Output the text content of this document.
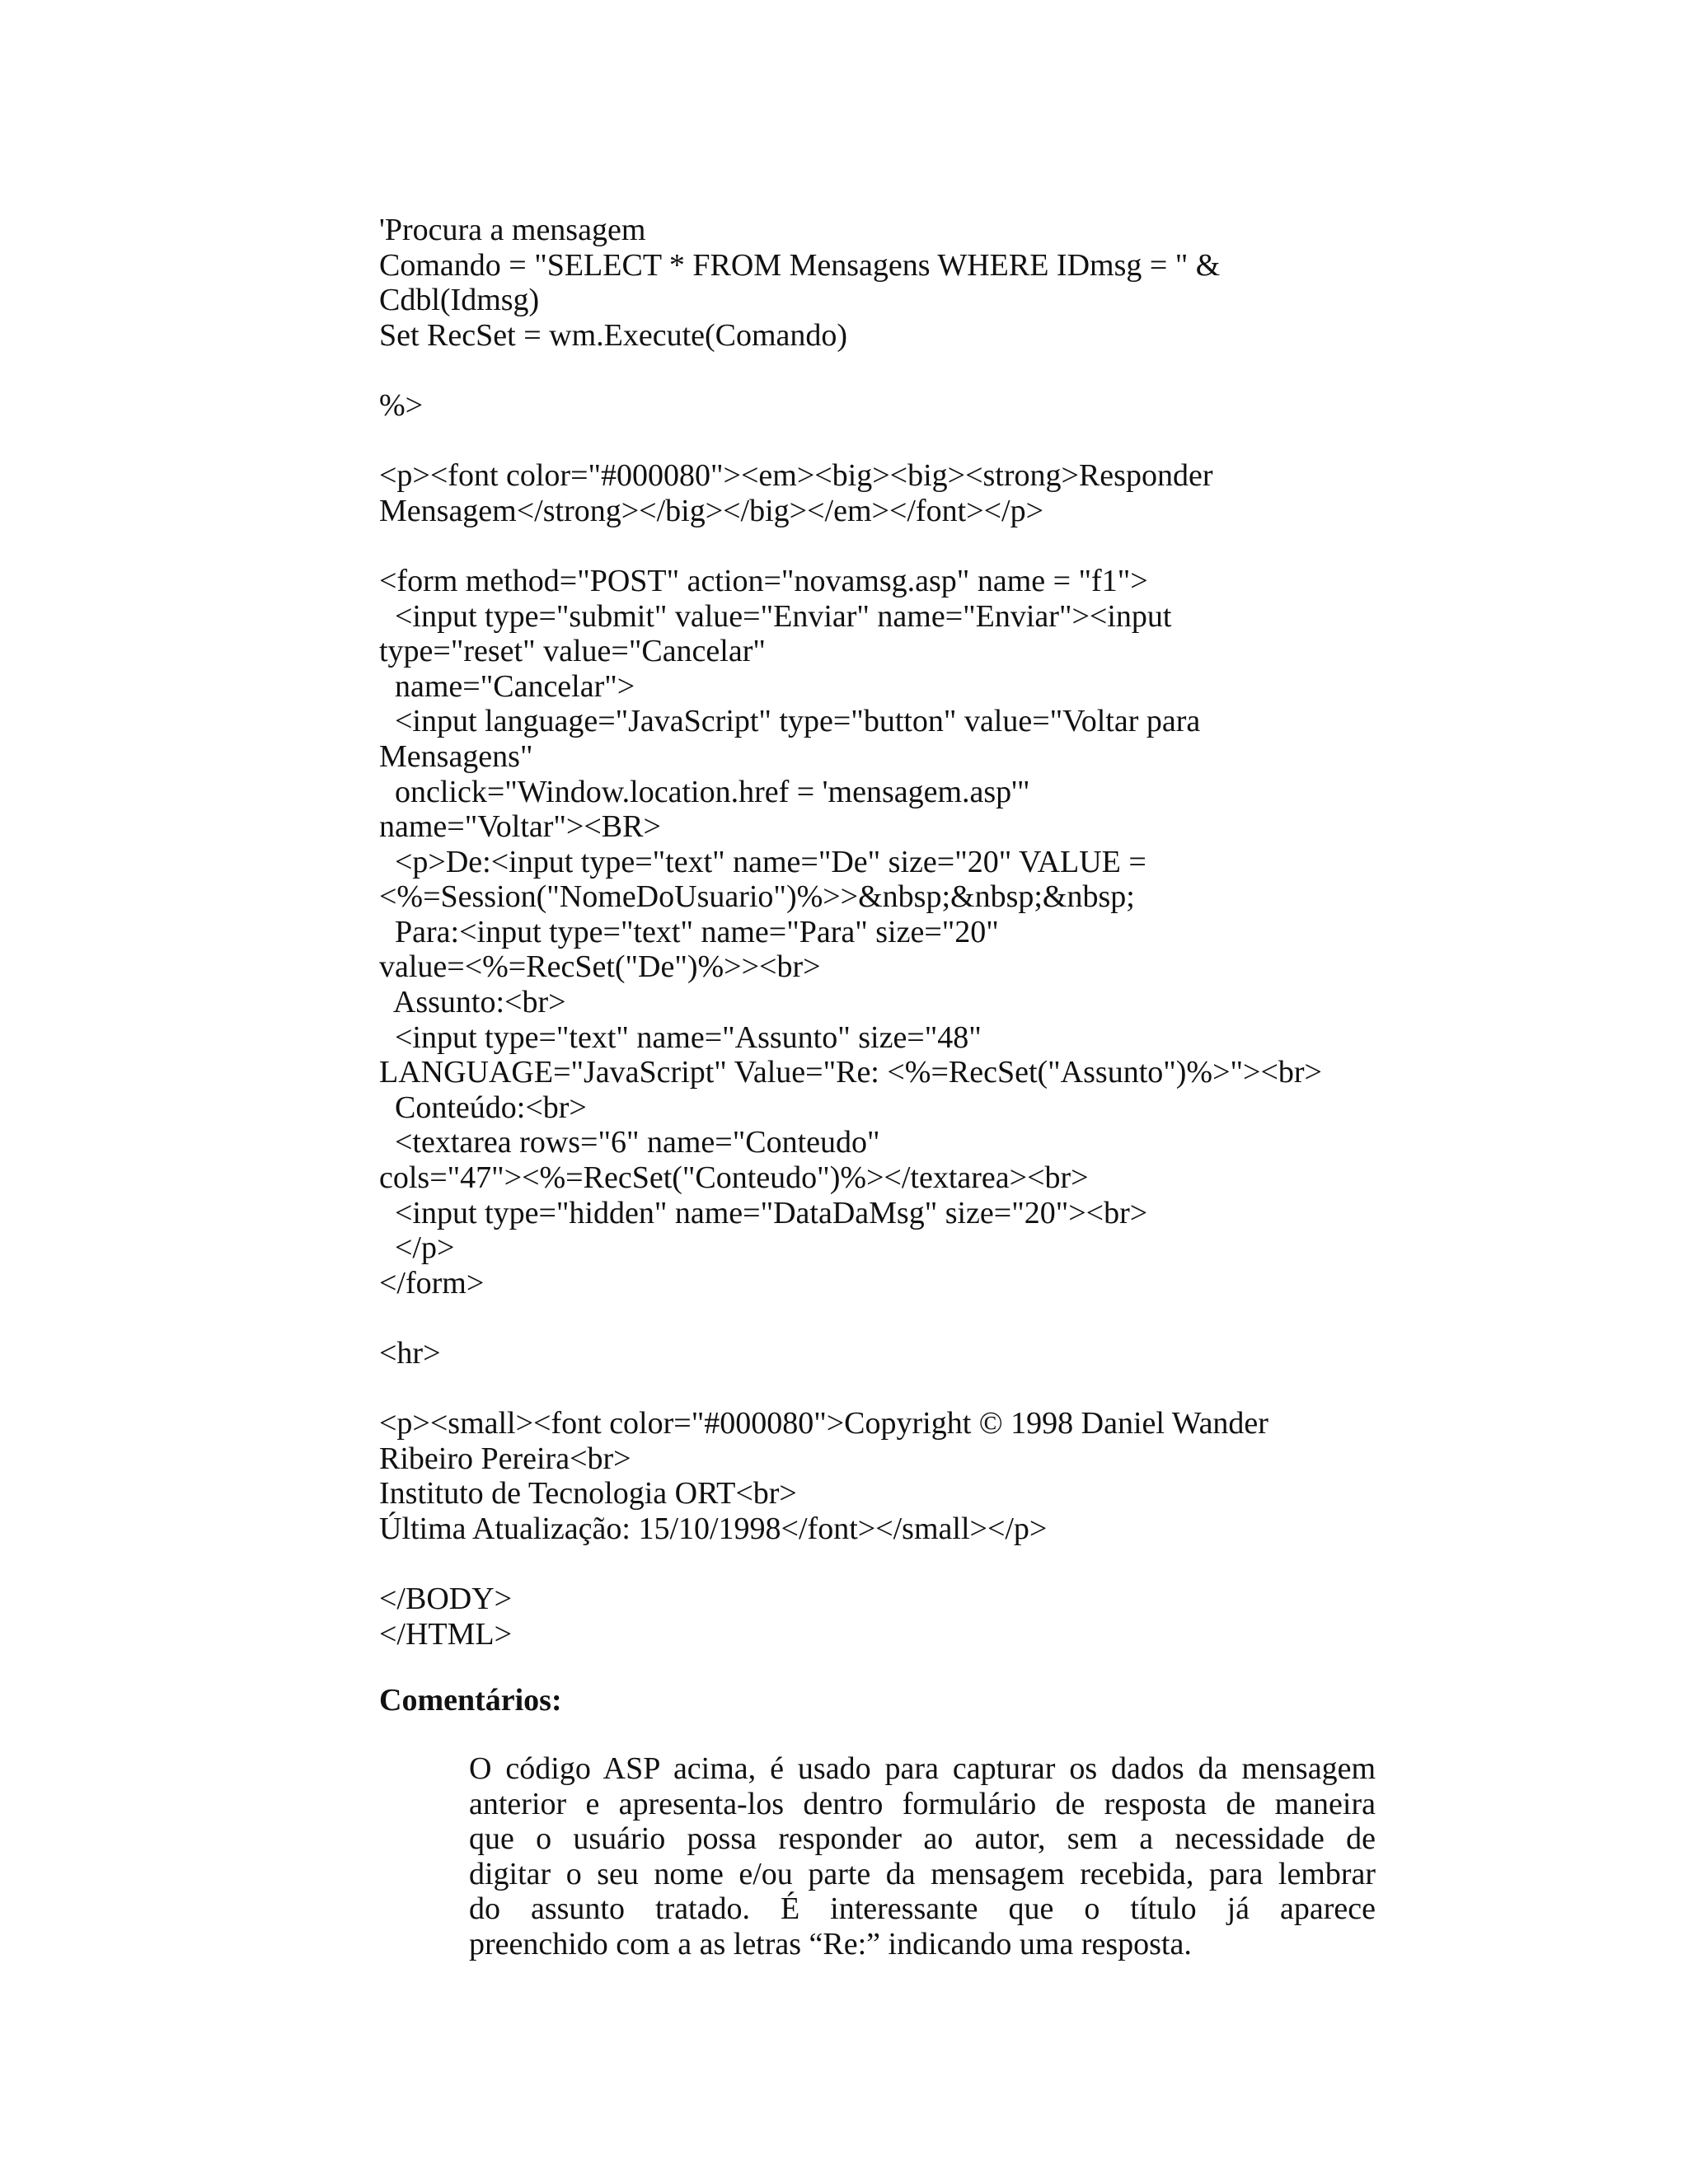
'Procura a mensagem
Comando = "SELECT * FROM Mensagens WHERE IDmsg = " &
Cdbl(Idmsg)
Set RecSet = wm.Execute(Comando)
%>
<p><font color="#000080"><em><big><big><strong>Responder
Mensagem</strong></big></big></em></font></p>
<form method="POST" action="novamsg.asp" name = "f1">
<input type="submit" value="Enviar" name="Enviar"><input
type="reset" value="Cancelar"
name="Cancelar">
<input language="JavaScript" type="button" value="Voltar para
Mensagens"
onclick="Window.location.href = 'mensagem.asp'"
name="Voltar"><BR>
<p>De:<input type="text" name="De" size="20" VALUE =
<%=Session("NomeDoUsuario")%>>&nbsp;&nbsp;&nbsp;
Para:<input type="text" name="Para" size="20"
value=<%=RecSet("De")%>><br>
Assunto:<br>
<input type="text" name="Assunto" size="48"
LANGUAGE="JavaScript" Value="Re: <%=RecSet("Assunto")%>"><br>
Conteúdo:<br>
<textarea rows="6" name="Conteudo"
cols="47"><%=RecSet("Conteudo")%></textarea><br>
<input type="hidden" name="DataDaMsg" size="20"><br>
</p>
</form>
<hr>
<p><small><font color="#000080">Copyright © 1998 Daniel Wander
Ribeiro Pereira<br>
Instituto de Tecnologia ORT<br>
Última Atualização: 15/10/1998</font></small></p>
</BODY>
</HTML>
Comentários:
O código ASP acima, é usado para capturar os dados da mensagem
anterior e apresenta-los dentro formulário de resposta de maneira
que o usuário possa responder ao autor, sem a necessidade de
digitar o seu nome e/ou parte da mensagem recebida, para lembrar
do assunto tratado. É interessante que o título já aparece
preenchido com a as letras “Re:” indicando uma resposta.
